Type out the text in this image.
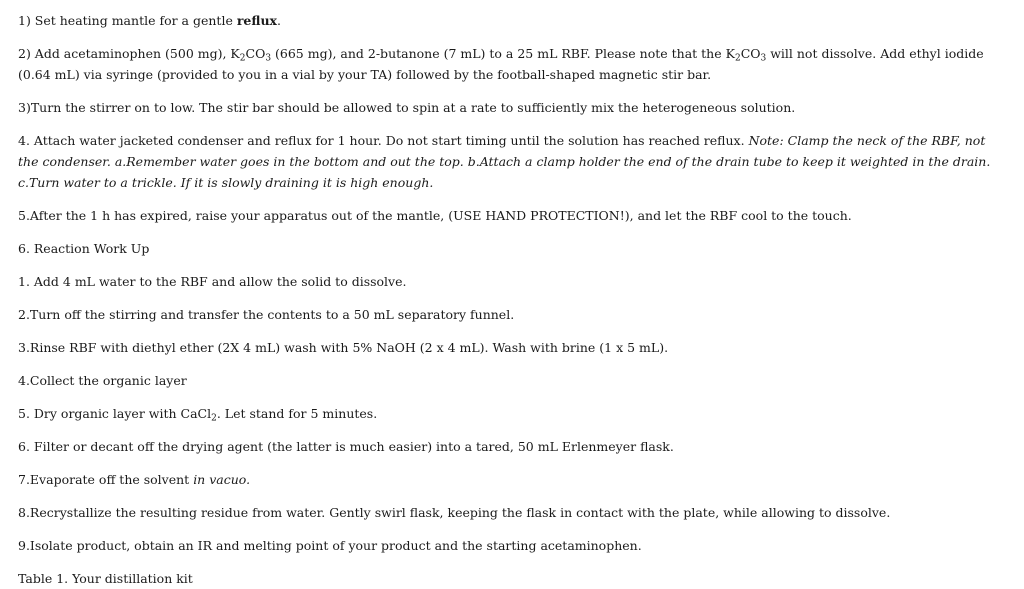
1) Set heating mantle for a gentle reflux.

2) Add acetaminophen (500 mg), $K_2CO_3$ (665 mg), and 2-butanone (7 mL) to a 25 mL RBF. Please note that the $K_2CO_3$ will not dissolve. Add ethyl iodide (0.64 mL) via syringe (provided to you in a vial by your TA) followed by the football-shaped magnetic stir bar.

3)Turn the stirrer on to low. The stir bar should be allowed to spin at a rate to sufficiently mix the heterogeneous solution.

4. Attach water jacketed condenser and reflux for 1 hour. Do not start timing until the solution has reached reflux. Note: Clamp the neck of the RBF, not the condenser. a.Remember water goes in the bottom and out the top. b.Attach a clamp holder the end of the drain tube to keep it weighted in the drain. c.Turn water to a trickle. If it is slowly draining it is high enough.

5.After the 1 h has expired, raise your apparatus out of the mantle, (USE HAND PROTECTION!), and let the RBF cool to the touch.

6. Reaction Work Up

1. Add 4 mL water to the RBF and allow the solid to dissolve.

2.Turn off the stirring and transfer the contents to a 50 mL separatory funnel.

3.Rinse RBF with diethyl ether (2X 4 mL) wash with 5% NaOH (2 x 4 mL). Wash with brine (1 x 5 mL).

4.Collect the organic layer

5. Dry organic layer with CaCl$_2$. Let stand for 5 minutes.

6. Filter or decant off the drying agent (the latter is much easier) into a tared, 50 mL Erlenmeyer flask.

7.Evaporate off the solvent in vacuo.

8.Recrystallize the resulting residue from water. Gently swirl flask, keeping the flask in contact with the plate, while allowing to dissolve.

9.Isolate product, obtain an IR and melting point of your product and the starting acetaminophen.

Table 1. Your distillation kit
